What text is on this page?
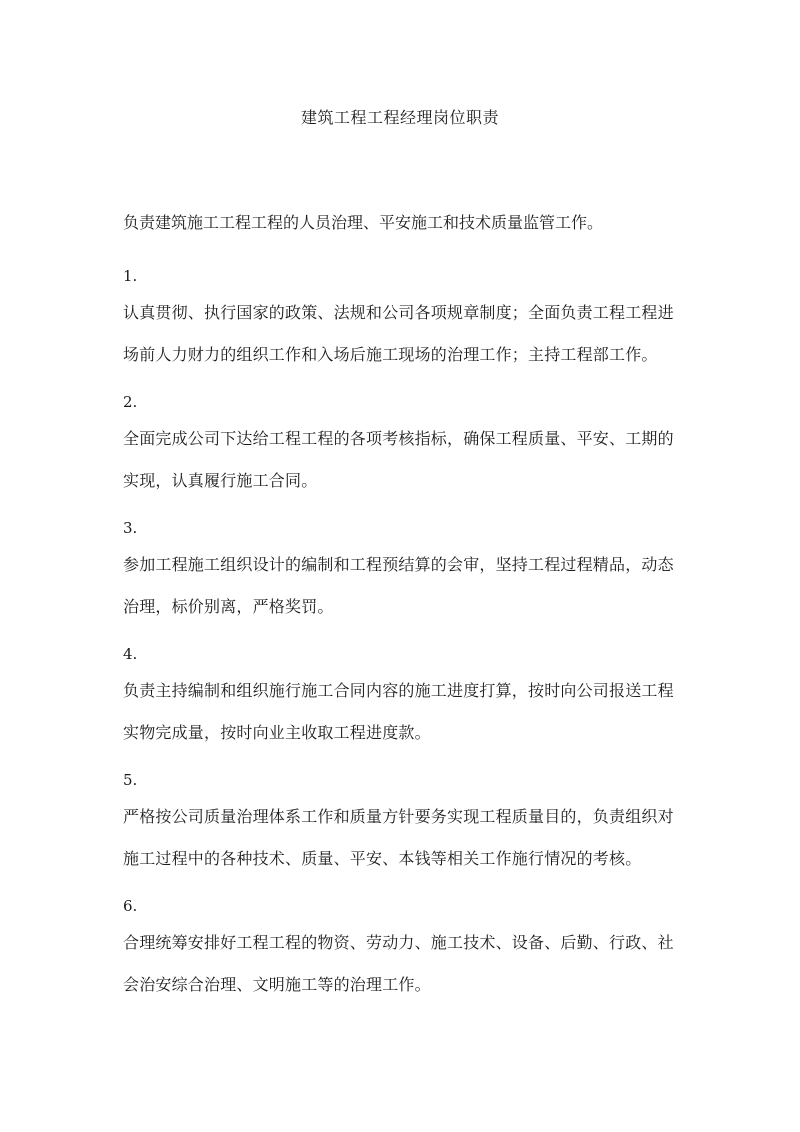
建筑工程工程经理岗位职责
负责建筑施工工程工程的人员治理、平安施工和技术质量监管工作。
1.
认真贯彻、执行国家的政策、法规和公司各项规章制度；全面负责工程工程进
场前人力财力的组织工作和入场后施工现场的治理工作；主持工程部工作。
2.
全面完成公司下达给工程工程的各项考核指标，确保工程质量、平安、工期的
实现，认真履行施工合同。
3.
参加工程施工组织设计的编制和工程预结算的会审，坚持工程过程精品，动态
治理，标价别离，严格奖罚。
4.
负责主持编制和组织施行施工合同内容的施工进度打算，按时向公司报送工程
实物完成量，按时向业主收取工程进度款。
5.
严格按公司质量治理体系工作和质量方针要务实现工程质量目的，负责组织对
施工过程中的各种技术、质量、平安、本钱等相关工作施行情况的考核。
6.
合理统筹安排好工程工程的物资、劳动力、施工技术、设备、后勤、行政、社
会治安综合治理、文明施工等的治理工作。
